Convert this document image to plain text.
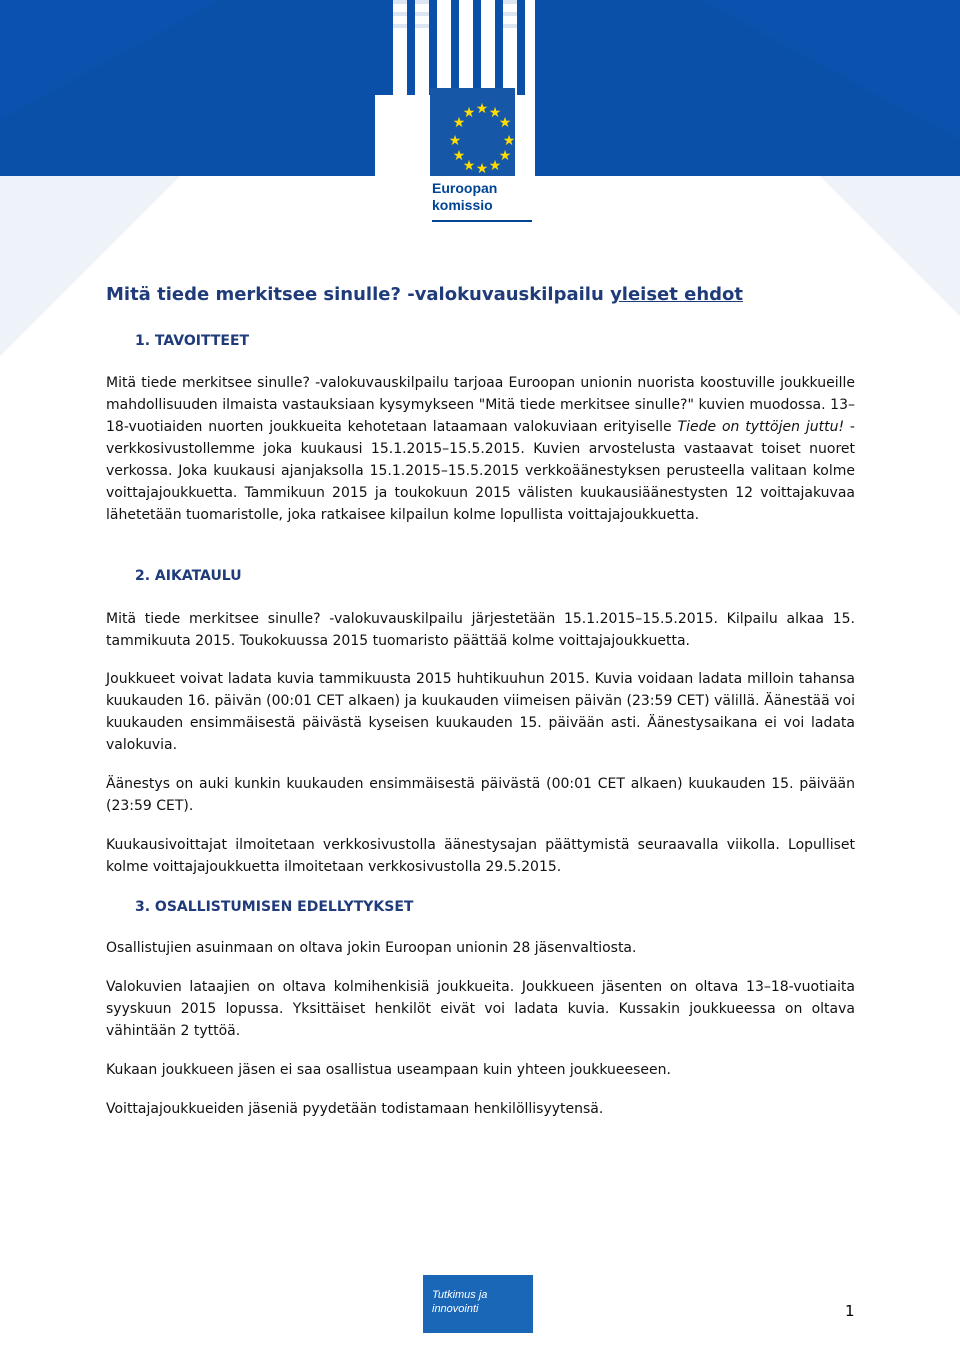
★ ★
★
★
★
★
★
★
★
★
★
★
Euroopan
komissio
Mitä tiede merkitsee sinulle? -valokuvauskilpailu yleiset ehdot
1. TAVOITTEET

Mitä tiede merkitsee sinulle? -valokuvauskilpailu tarjoaa Euroopan unionin nuorista koostuville joukkueille mahdollisuuden ilmaista vastauksiaan kysymykseen "Mitä tiede merkitsee sinulle?" kuvien muodossa. 13–18-vuotiaiden nuorten joukkueita kehotetaan lataamaan valokuviaan erityiselle Tiede on tyttöjen juttu! -verkkosivustollemme joka kuukausi 15.1.2015–15.5.2015. Kuvien arvostelusta vastaavat toiset nuoret verkossa. Joka kuukausi ajanjaksolla 15.1.2015–15.5.2015 verkkoäänestyksen perusteella valitaan kolme voittajajoukkuetta. Tammikuun 2015 ja toukokuun 2015 välisten kuukausiäänestysten 12 voittajakuvaa lähetetään tuomaristolle, joka ratkaisee kilpailun kolme lopullista voittajajoukkuetta.

2. AIKATAULU

Mitä tiede merkitsee sinulle? -valokuvauskilpailu järjestetään 15.1.2015–15.5.2015. Kilpailu alkaa 15. tammikuuta 2015. Toukokuussa 2015 tuomaristo päättää kolme voittajajoukkuetta.

Joukkueet voivat ladata kuvia tammikuusta 2015 huhtikuuhun 2015. Kuvia voidaan ladata milloin tahansa kuukauden 16. päivän (00:01 CET alkaen) ja kuukauden viimeisen päivän (23:59 CET) välillä. Äänestää voi kuukauden ensimmäisestä päivästä kyseisen kuukauden 15. päivään asti. Äänestysaikana ei voi ladata valokuvia.

Äänestys on auki kunkin kuukauden ensimmäisestä päivästä (00:01 CET alkaen) kuukauden 15. päivään (23:59 CET).

Kuukausivoittajat ilmoitetaan verkkosivustolla äänestysajan päättymistä seuraavalla viikolla. Lopulliset kolme voittajajoukkuetta ilmoitetaan verkkosivustolla 29.5.2015.

3. OSALLISTUMISEN EDELLYTYKSET

Osallistujien asuinmaan on oltava jokin Euroopan unionin 28 jäsenvaltiosta.

Valokuvien lataajien on oltava kolmihenkisiä joukkueita. Joukkueen jäsenten on oltava 13–18-vuotiaita syyskuun 2015 lopussa. Yksittäiset henkilöt eivät voi ladata kuvia. Kussakin joukkueessa on oltava vähintään 2 tyttöä.

Kukaan joukkueen jäsen ei saa osallistua useampaan kuin yhteen joukkueeseen.

Voittajajoukkueiden jäseniä pyydetään todistamaan henkilöllisyytensä.

Tutkimus ja
innovointi	1
